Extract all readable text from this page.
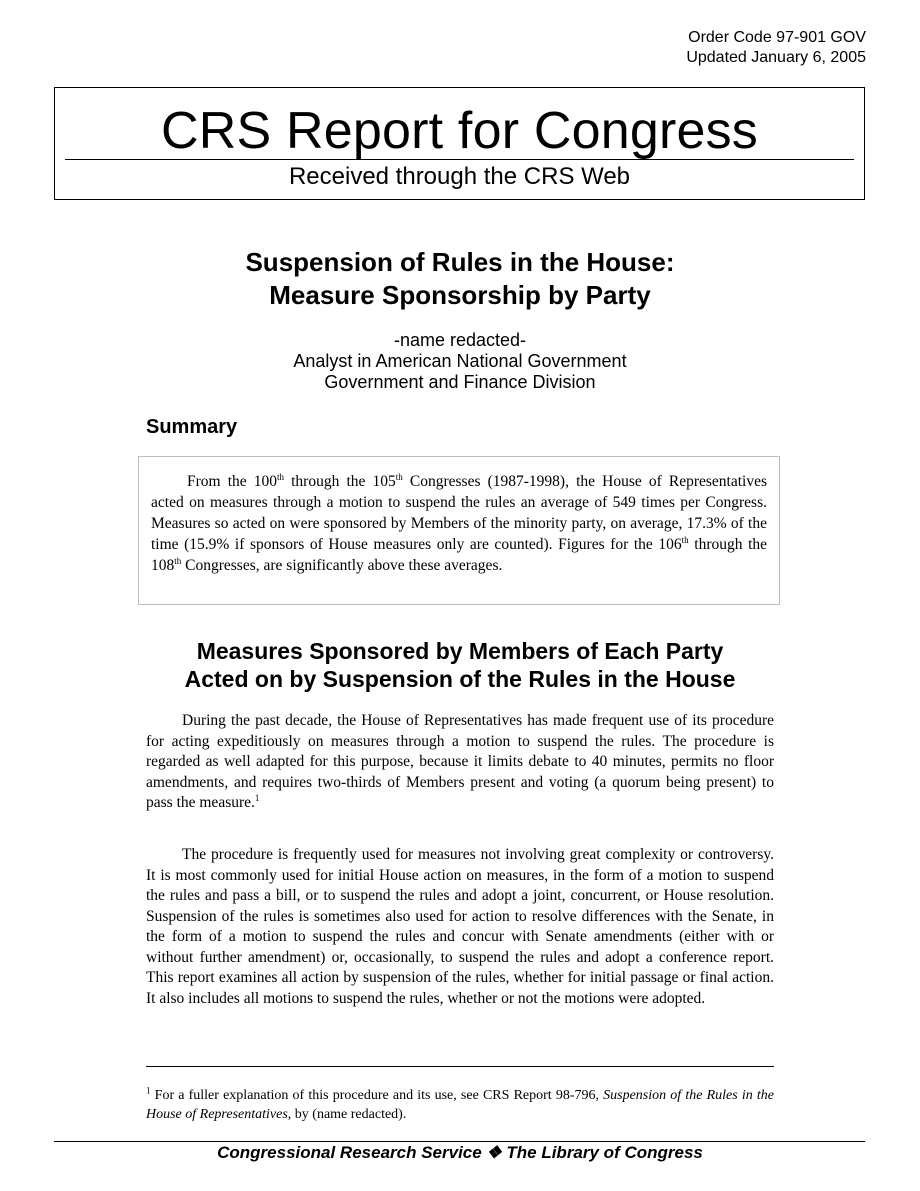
Order Code 97-901 GOV
Updated January 6, 2005
CRS Report for Congress
Received through the CRS Web
Suspension of Rules in the House:
Measure Sponsorship by Party
-name redacted-
Analyst in American National Government
Government and Finance Division
Summary
From the 100th through the 105th Congresses (1987-1998), the House of Representatives acted on measures through a motion to suspend the rules an average of 549 times per Congress. Measures so acted on were sponsored by Members of the minority party, on average, 17.3% of the time (15.9% if sponsors of House measures only are counted). Figures for the 106th through the 108th Congresses, are significantly above these averages.
Measures Sponsored by Members of Each Party
Acted on by Suspension of the Rules in the House

During the past decade, the House of Representatives has made frequent use of its procedure for acting expeditiously on measures through a motion to suspend the rules. The procedure is regarded as well adapted for this purpose, because it limits debate to 40 minutes, permits no floor amendments, and requires two-thirds of Members present and voting (a quorum being present) to pass the measure.$^1$

The procedure is frequently used for measures not involving great complexity or controversy. It is most commonly used for initial House action on measures, in the form of a motion to suspend the rules and pass a bill, or to suspend the rules and adopt a joint, concurrent, or House resolution. Suspension of the rules is sometimes also used for action to resolve differences with the Senate, in the form of a motion to suspend the rules and concur with Senate amendments (either with or without further amendment) or, occasionally, to suspend the rules and adopt a conference report. This report examines all action by suspension of the rules, whether for initial passage or final action. It also includes all motions to suspend the rules, whether or not the motions were adopted.

$^1$ For a fuller explanation of this procedure and its use, see CRS Report 98-796, Suspension of the Rules in the House of Representatives, by (name redacted).
Congressional Research Service ❖ The Library of Congress
